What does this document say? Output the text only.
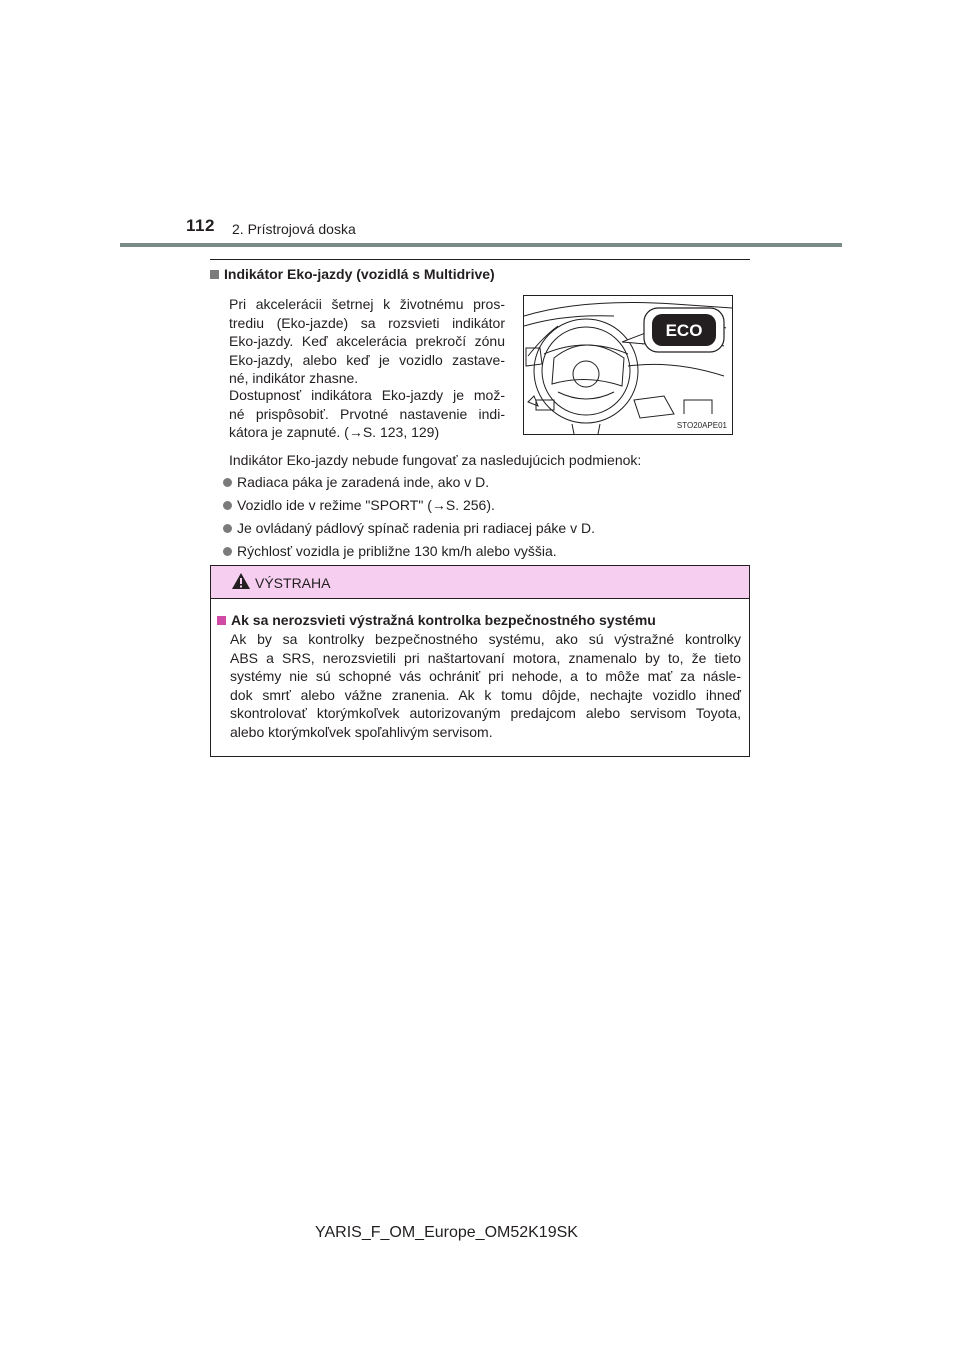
112 2. Prístrojová doska
Indikátor Eko-jazdy (vozidlá s Multidrive)
Pri akcelerácii šetrnej k životnému pros-
trediu (Eko-jazde) sa rozsvieti indikátor
Eko-jazdy. Keď akcelerácia prekročí zónu
Eko-jazdy, alebo keď je vozidlo zastave-
né, indikátor zhasne.
Dostupnosť indikátora Eko-jazdy je mož-
né prispôsobiť. Prvotné nastavenie indi-
kátora je zapnuté. (→S. 123, 129)
ECO
STO20APE01
Indikátor Eko-jazdy nebude fungovať za nasledujúcich podmienok:
Radiaca páka je zaradená inde, ako v D.
Vozidlo ide v režime "SPORT" (→S. 256).
Je ovládaný pádlový spínač radenia pri radiacej páke v D.
Rýchlosť vozidla je približne 130 km/h alebo vyššia.
VÝSTRAHA
Ak sa nerozsvieti výstražná kontrolka bezpečnostného systému
Ak by sa kontrolky bezpečnostného systému, ako sú výstražné kontrolky
ABS a SRS, nerozsvietili pri naštartovaní motora, znamenalo by to, že tieto
systémy nie sú schopné vás ochrániť pri nehode, a to môže mať za násle-
dok smrť alebo vážne zranenia. Ak k tomu dôjde, nechajte vozidlo ihneď
skontrolovať ktorýmkoľvek autorizovaným predajcom alebo servisom Toyota,
alebo ktorýmkoľvek spoľahlivým servisom.
YARIS_F_OM_Europe_OM52K19SK
